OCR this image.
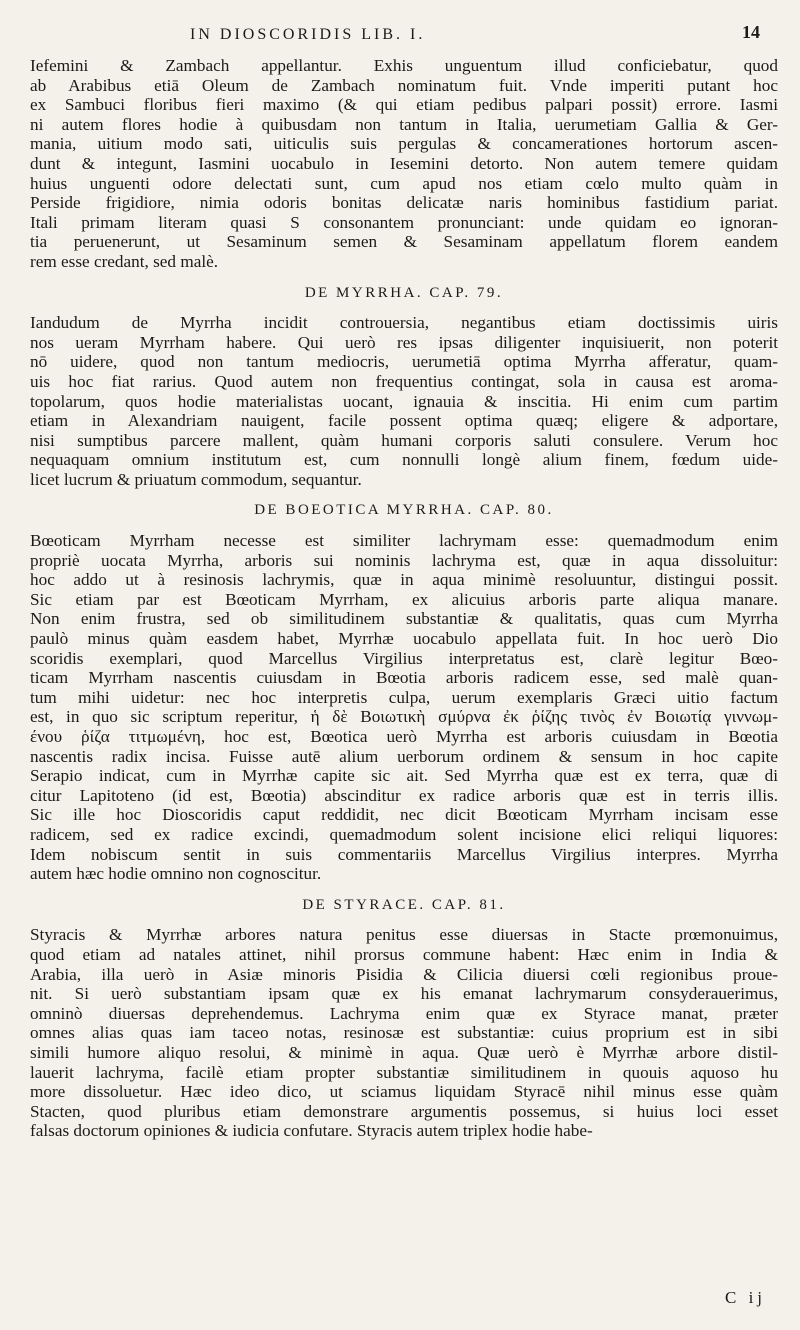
IN DIOSCORIDIS LIB. I.	14
Iefemini & Zambach appellantur. Exhis unguentum illud conficiebatur, quod
ab Arabibus etiā Oleum de Zambach nominatum fuit. Vnde imperiti putant hoc
ex Sambuci floribus fieri maximo (& qui etiam pedibus palpari possit) errore. Iasmi
ni autem flores hodie à quibusdam non tantum in Italia, uerumetiam Gallia & Ger-
mania, uitium modo sati, uiticulis suis pergulas & concamerationes hortorum ascen-
dunt & integunt, Iasmini uocabulo in Iesemini detorto. Non autem temere quidam
huius unguenti odore delectati sunt, cum apud nos etiam cœlo multo quàm in
Perside frigidiore, nimia odoris bonitas delicatæ naris hominibus fastidium pariat.
Itali primam literam quasi S consonantem pronunciant: unde quidam eo ignoran-
tia peruenerunt, ut Sesaminum semen & Sesaminam appellatum florem eandem
rem esse credant, sed malè.
DE MYRRHA. CAP. 79.
Iandudum de Myrrha incidit controuersia, negantibus etiam doctissimis uiris
nos ueram Myrrham habere. Qui uerò res ipsas diligenter inquisiuerit, non poterit
nō uidere, quod non tantum mediocris, uerumetiā optima Myrrha afferatur, quam-
uis hoc fiat rarius. Quod autem non frequentius contingat, sola in causa est aroma-
topolarum, quos hodie materialistas uocant, ignauia & inscitia. Hi enim cum partim
etiam in Alexandriam nauigent, facile possent optima quæq; eligere & adportare,
nisi sumptibus parcere mallent, quàm humani corporis saluti consulere. Verum hoc
nequaquam omnium institutum est, cum nonnulli longè alium finem, fœdum uide-
licet lucrum & priuatum commodum, sequantur.
DE BOEOTICA MYRRHA. CAP. 80.
Bœoticam Myrrham necesse est similiter lachrymam esse: quemadmodum enim
propriè uocata Myrrha, arboris sui nominis lachryma est, quæ in aqua dissoluitur:
hoc addo ut à resinosis lachrymis, quæ in aqua minimè resoluuntur, distingui possit.
Sic etiam par est Bœoticam Myrrham, ex alicuius arboris parte aliqua manare.
Non enim frustra, sed ob similitudinem substantiæ & qualitatis, quas cum Myrrha
paulò minus quàm easdem habet, Myrrhæ uocabulo appellata fuit. In hoc uerò Dio
scoridis exemplari, quod Marcellus Virgilius interpretatus est, clarè legitur Bœo-
ticam Myrrham nascentis cuiusdam in Bœotia arboris radicem esse, sed malè quan-
tum mihi uidetur: nec hoc interpretis culpa, uerum exemplaris Græci uitio factum
est, in quo sic scriptum reperitur, ἡ δὲ Βοιωτικὴ σμύρνα ἐκ ῥίζης τινὸς ἐν Βοιωτίᾳ γιννωμ-
ένου ῥίζα τιτμωμένη, hoc est, Bœotica uerò Myrrha est arboris cuiusdam in Bœotia
nascentis radix incisa. Fuisse autē alium uerborum ordinem & sensum in hoc capite
Serapio indicat, cum in Myrrhæ capite sic ait. Sed Myrrha quæ est ex terra, quæ di
citur Lapitoteno (id est, Bœotia) abscinditur ex radice arboris quæ est in terris illis.
Sic ille hoc Dioscoridis caput reddidit, nec dicit Bœoticam Myrrham incisam esse
radicem, sed ex radice excindi, quemadmodum solent incisione elici reliqui liquores:
Idem nobiscum sentit in suis commentariis Marcellus Virgilius interpres. Myrrha
autem hæc hodie omnino non cognoscitur.
DE STYRACE. CAP. 81.
Styracis & Myrrhæ arbores natura penitus esse diuersas in Stacte prœmonuimus,
quod etiam ad natales attinet, nihil prorsus commune habent: Hæc enim in India &
Arabia, illa uerò in Asiæ minoris Pisidia & Cilicia diuersi cœli regionibus proue-
nit. Si uerò substantiam ipsam quæ ex his emanat lachrymarum consyderauerimus,
omninò diuersas deprehendemus. Lachryma enim quæ ex Styrace manat, præter
omnes alias quas iam taceo notas, resinosæ est substantiæ: cuius proprium est in sibi
simili humore aliquo resolui, & minimè in aqua. Quæ uerò è Myrrhæ arbore distil-
lauerit lachryma, facilè etiam propter substantiæ similitudinem in quouis aquoso hu
more dissoluetur. Hæc ideo dico, ut sciamus liquidam Styracē nihil minus esse quàm
Stacten, quod pluribus etiam demonstrare argumentis possemus, si huius loci esset
falsas doctorum opiniones & iudicia confutare. Styracis autem triplex hodie habe-
C ij
